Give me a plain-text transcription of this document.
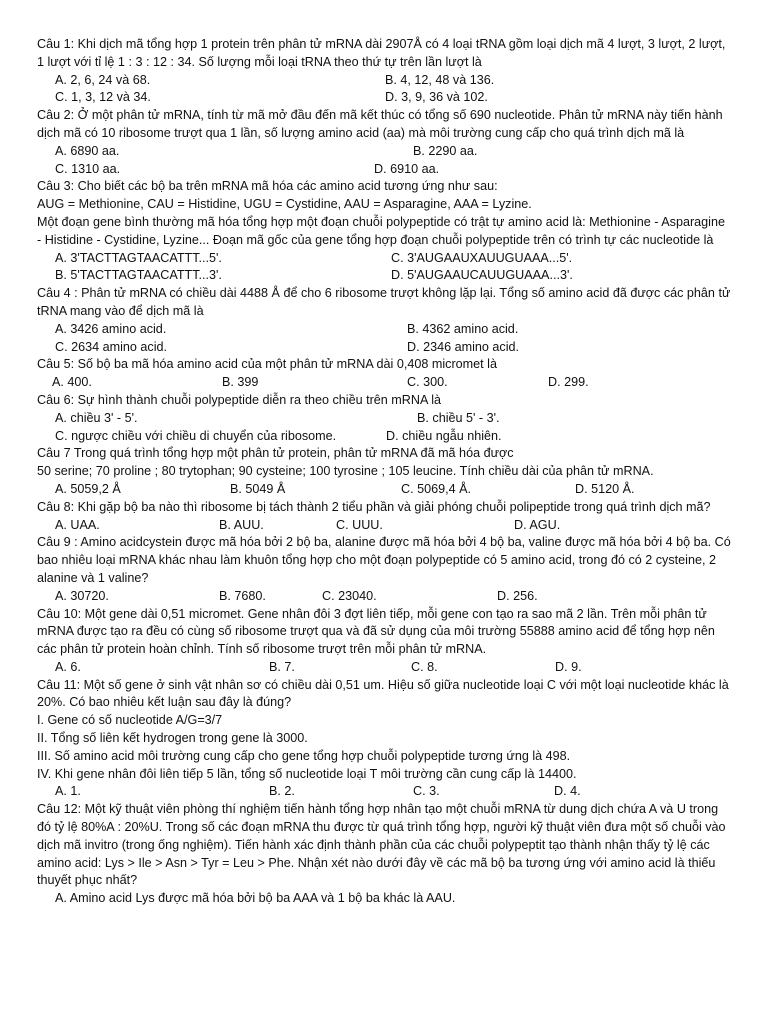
Câu 1: Khi dịch mã tổng hợp 1 protein trên phân tử mRNA dài 2907Å có 4 loại tRNA gồm loại dịch mã 4 lượt, 3 lượt, 2 lượt, 1 lượt với tỉ lệ 1 : 3 : 12 : 34. Số lượng mỗi loại tRNA theo thứ tự trên lần lượt là

A. 2, 6, 24 và 68.	B. 4, 12, 48 và 136.
C. 1, 3, 12 và 34.	D. 3, 9, 36 và 102.

Câu 2: Ở một phân tử mRNA, tính từ mã mở đầu đến mã kết thúc có tổng số 690 nucleotide. Phân tử mRNA này tiến hành dịch mã có 10 ribosome trượt qua 1 lần, số lượng amino acid (aa) mà môi trường cung cấp cho quá trình dịch mã là

A. 6890 aa.	B. 2290 aa.
C. 1310 aa.	D. 6910 aa.

Câu 3: Cho biết các bộ ba trên mRNA mã hóa các amino acid tương ứng như sau:

AUG = Methionine, CAU = Histidine, UGU = Cystidine, AAU = Asparagine, AAA = Lyzine.

Một đoạn gene bình thường mã hóa tổng hợp một đoạn chuỗi polypeptide có trật tự amino acid là: Methionine - Asparagine - Histidine - Cystidine, Lyzine... Đoạn mã gốc của gene tổng hợp đoạn chuỗi polypeptide trên có trình tự các nucleotide là

A. 3'TACTTAGTAACATTT...5'.	C. 3'AUGAAUXAUUGUAAA...5'.
B. 5'TACTTAGTAACATTT...3'.	D. 5'AUGAAUCAUUGUAAA...3'.

Câu 4 : Phân tử mRNA có chiều dài 4488 Å để cho 6 ribosome trượt không lặp lại. Tổng số amino acid đã được các phân tử tRNA mang vào để dịch mã là

A. 3426 amino acid.	B. 4362 amino acid.
C. 2634 amino acid.	D. 2346 amino acid.

Câu 5: Số bộ ba mã hóa amino acid của một phân tử mRNA dài 0,408 micromet là

A. 400.	B. 399	C. 300.	D. 299.

Câu 6: Sự hình thành chuỗi polypeptide diễn ra theo chiều trên mRNA là

A. chiều 3' - 5'.	B. chiều 5' - 3'.
C. ngược chiều với chiều di chuyển của ribosome.	D. chiều ngẫu nhiên.

Câu 7 Trong quá trình tổng hợp một phân tử protein, phân tử mRNA đã mã hóa được

50 serine; 70 proline ; 80 trytophan; 90 cysteine; 100 tyrosine ; 105 leucine. Tính chiều dài của phân tử mRNA.

A. 5059,2 Å	B. 5049 Å	C. 5069,4 Å.	D. 5120 Å.

Câu 8: Khi gặp bộ ba nào thì ribosome bị tách thành 2 tiểu phần và giải phóng chuỗi polipeptide trong quá trình dịch mã?

A. UAA.	B. AUU.	C. UUU.	D. AGU.

Câu 9 : Amino acidcystein được mã hóa bởi 2 bộ ba, alanine được mã hóa bởi 4 bộ ba, valine được mã hóa bởi 4 bộ ba. Có bao nhiêu loại mRNA khác nhau làm khuôn tổng hợp cho một đoạn polypeptide có 5 amino acid, trong đó có 2 cysteine, 2 alanine và 1 valine?

A. 30720.	B. 7680.	C. 23040.	D. 256.

Câu 10: Một gene dài 0,51 micromet. Gene nhân đôi 3 đợt liên tiếp, mỗi gene con tạo ra sao mã 2 lần. Trên mỗi phân tử mRNA được tạo ra đều có cùng số ribosome trượt qua và đã sử dụng của môi trường 55888 amino acid để tổng hợp nên các phân tử protein hoàn chỉnh. Tính số ribosome trượt trên mỗi phân tử mRNA.

A. 6.	B. 7.	C. 8.	D. 9.

Câu 11: Một số gene ở sinh vật nhân sơ có chiều dài 0,51 um. Hiệu số giữa nucleotide loại C với một loại nucleotide khác là 20%. Có bao nhiêu kết luận sau đây là đúng?

I. Gene có số nucleotide A/G=3/7

II. Tổng số liên kết hydrogen trong gene là 3000.

III. Số amino acid môi trường cung cấp cho gene tổng hợp chuỗi polypeptide tương ứng là 498.

IV. Khi gene nhân đôi liên tiếp 5 lần, tổng số nucleotide loại T môi trường cần cung cấp là 14400.

A. 1.	B. 2.	C. 3.	D. 4.

Câu 12: Một kỹ thuật viên phòng thí nghiệm tiến hành tổng hợp nhân tạo một chuỗi mRNA từ dung dịch chứa A và U trong đó tỷ lệ 80%A : 20%U. Trong số các đoạn mRNA thu được từ quá trình tổng hợp, người kỹ thuật viên đưa một số chuỗi vào dịch mã invitro (trong ống nghiệm). Tiến hành xác định thành phần của các chuỗi polypeptit tạo thành nhận thấy tỷ lệ các amino acid: Lys > Ile > Asn > Tyr = Leu > Phe. Nhận xét nào dưới đây về các mã bộ ba tương ứng với amino acid là thiếu thuyết phục nhất?

A. Amino acid Lys được mã hóa bởi bộ ba AAA và 1 bộ ba khác là AAU.
